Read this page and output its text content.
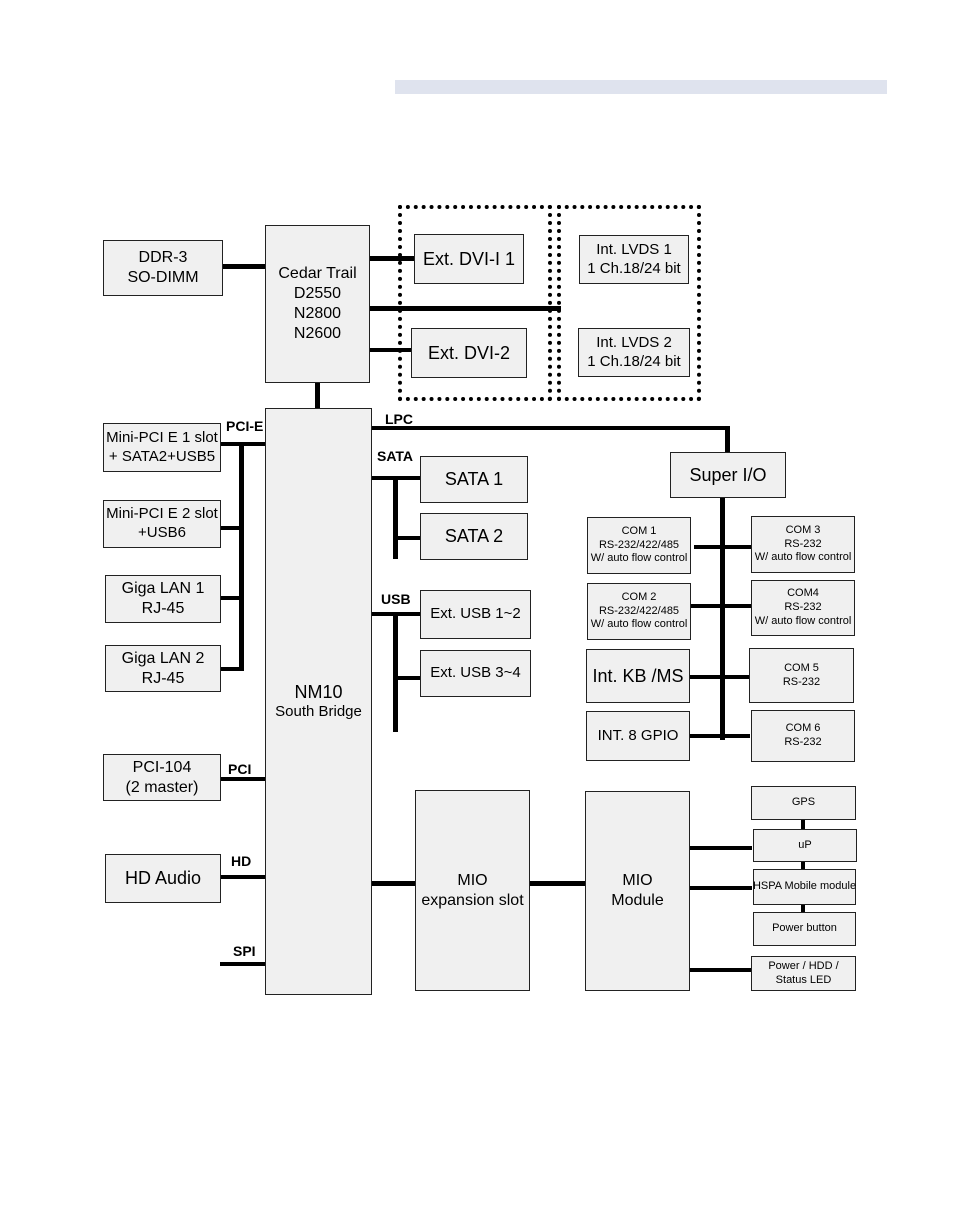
DDR-3
SO-DIMM	Cedar Trail
D2550
N2800
N2600
Ext. DVI-I 1
Ext. DVI-2
Int. LVDS 1
1 Ch.18/24 bit
Int. LVDS 2
1 Ch.18/24 bit
NM10
South Bridge
Mini-PCI E 1 slot
+ SATA2+USB5
Mini-PCI E 2 slot
+USB6
Giga LAN 1
RJ-45
Giga LAN 2
RJ-45
PCI-104
(2 master)
HD Audio
SATA 1
SATA 2
Ext. USB 1~2
Ext. USB 3~4
Super I/O
COM 1
RS-232/422/485
W/ auto flow control
COM 2
RS-232/422/485
W/ auto flow control
COM 3
RS-232
W/ auto flow control
COM4
RS-232
W/ auto flow control
Int. KB /MS	COM 5
RS-232
INT. 8 GPIO	COM 6
RS-232
MIO
expansion slot
MIO
Module
GPS
uP
HSPA Mobile module
Power button
Power / HDD /
Status LED
PCI-E	LPC
SATA
USB
PCI
HD
SPI
